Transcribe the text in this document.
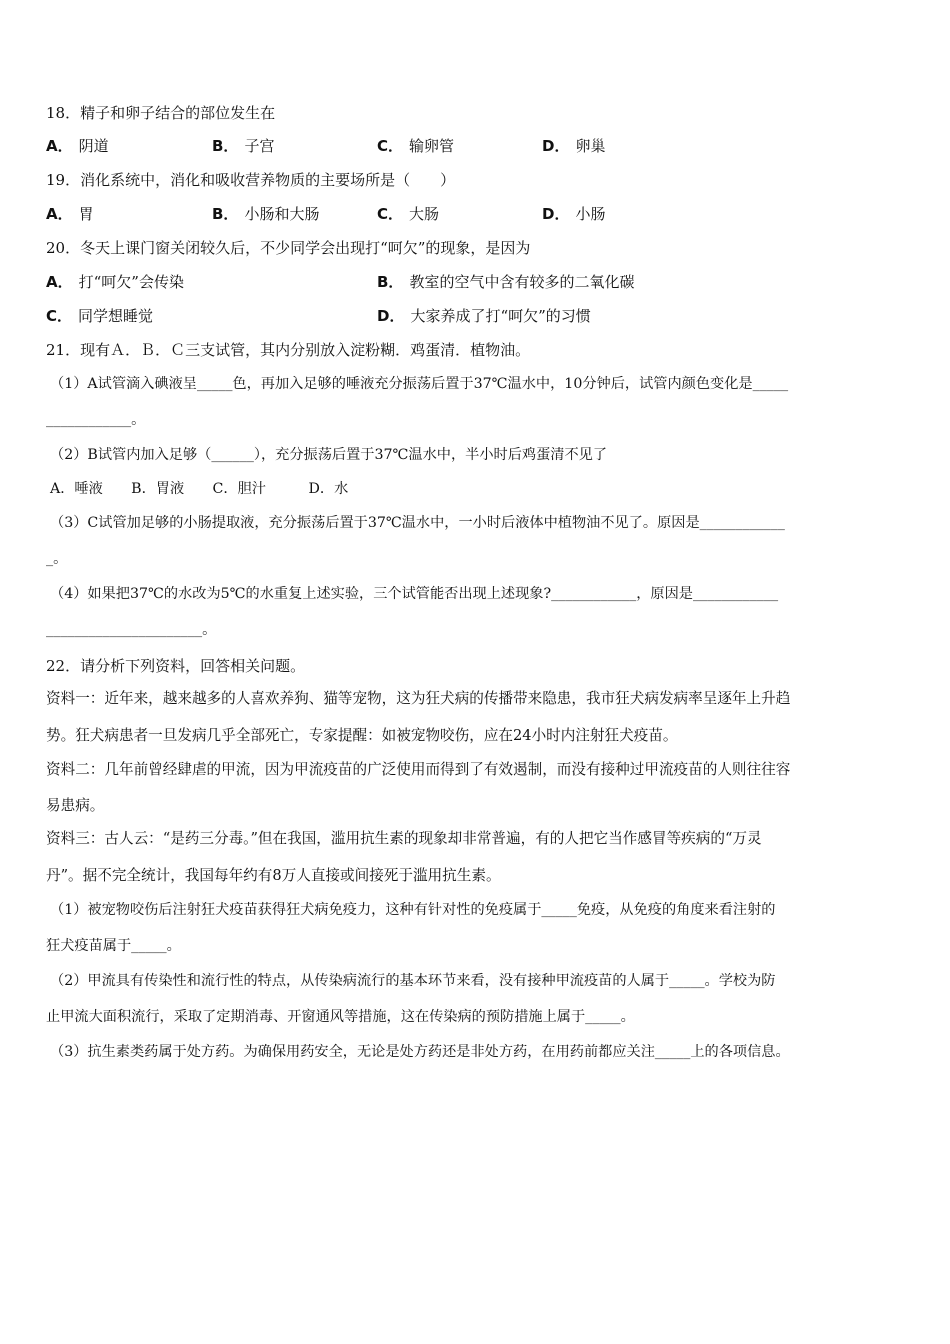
18．精子和卵子结合的部位发生在
A． 阴道	B． 子宫	C． 输卵管	D． 卵巢
19．消化系统中，消化和吸收营养物质的主要场所是（　　）
A． 胃	B． 小肠和大肠	C． 大肠	D． 小肠
20．冬天上课门窗关闭较久后，不少同学会出现打“呵欠”的现象，是因为
A． 打“呵欠”会传染	B． 教室的空气中含有较多的二氧化碳
C． 同学想睡觉	D． 大家养成了打“呵欠”的习惯
21．现有Ａ．Ｂ．Ｃ三支试管，其内分别放入淀粉糊．鸡蛋清．植物油。
（1）A试管滴入碘液呈_____色，再加入足够的唾液充分振荡后置于37℃温水中，10分钟后，试管内颜色变化是_____
____________。
（2）B试管内加入足够（______），充分振荡后置于37℃温水中，半小时后鸡蛋清不见了
A．唾液　　B．胃液　　C．胆汁　　　D．水
（3）C试管加足够的小肠提取液，充分振荡后置于37℃温水中，一小时后液体中植物油不见了。原因是____________
_。
（4）如果把37℃的水改为5℃的水重复上述实验，三个试管能否出现上述现象?____________，原因是____________
______________________。
22．请分析下列资料，回答相关问题。
资料一：近年来，越来越多的人喜欢养狗、猫等宠物，这为狂犬病的传播带来隐患，我市狂犬病发病率呈逐年上升趋
势。狂犬病患者一旦发病几乎全部死亡，专家提醒：如被宠物咬伤，应在24小时内注射狂犬疫苗。
资料二：几年前曾经肆虐的甲流，因为甲流疫苗的广泛使用而得到了有效遏制，而没有接种过甲流疫苗的人则往往容
易患病。
资料三：古人云：“是药三分毒。”但在我国，滥用抗生素的现象却非常普遍，有的人把它当作感冒等疾病的“万灵
丹”。据不完全统计，我国每年约有8万人直接或间接死于滥用抗生素。
（1）被宠物咬伤后注射狂犬疫苗获得狂犬病免疫力，这种有针对性的免疫属于_____免疫，从免疫的角度来看注射的
狂犬疫苗属于_____。
（2）甲流具有传染性和流行性的特点，从传染病流行的基本环节来看，没有接种甲流疫苗的人属于_____。学校为防
止甲流大面积流行，采取了定期消毒、开窗通风等措施，这在传染病的预防措施上属于_____。
（3）抗生素类药属于处方药。为确保用药安全，无论是处方药还是非处方药，在用药前都应关注_____上的各项信息。
